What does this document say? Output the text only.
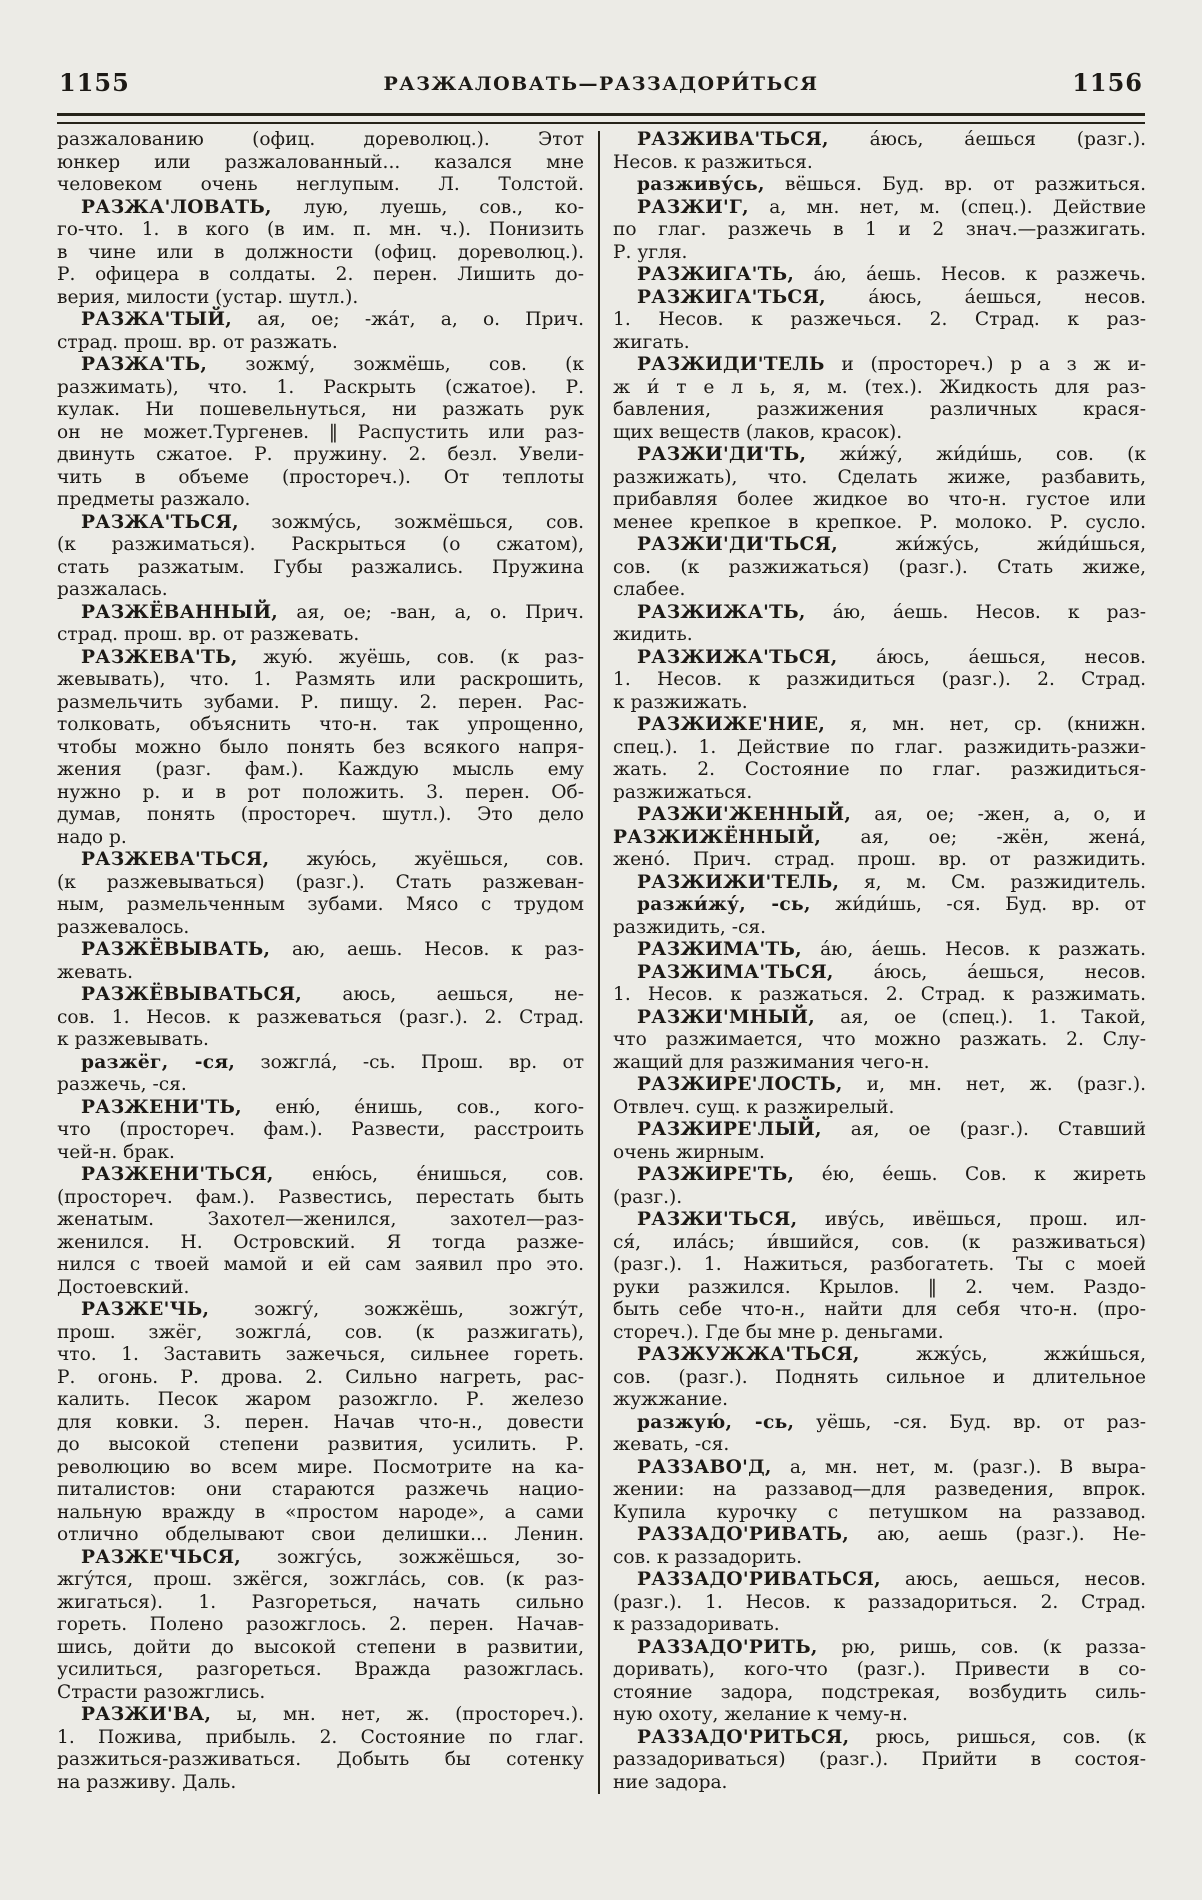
1155	РАЗЖАЛОВАТЬ—РАЗЗАДОРИ́ТЬСЯ	1156
разжалованию (офиц. дореволюц.). Этот
юнкер или разжалованный... казался мне
человеком очень неглупым. Л. Толстой.
РАЗЖА'ЛОВАТЬ, лую, луешь, сов., ко-
го-что. 1. в кого (в им. п. мн. ч.). Понизить
в чине или в должности (офиц. дореволюц.).
Р. офицера в солдаты. 2. перен. Лишить до-
верия, милости (устар. шутл.).
РАЗЖА'ТЫЙ, ая, ое; -жа́т, а, о. Прич.
страд. прош. вр. от разжать.
РАЗЖА'ТЬ, зожму́, зожмёшь, сов. (к
разжимать), что. 1. Раскрыть (сжатое). Р.
кулак. Ни пошевельнуться, ни разжать рук
он не может.Тургенев. ‖ Распустить или раз-
двинуть сжатое. Р. пружину. 2. безл. Увели-
чить в объеме (простореч.). От теплоты
предметы разжало.
РАЗЖА'ТЬСЯ, зожму́сь, зожмёшься, сов.
(к разжиматься). Раскрыться (о сжатом),
стать разжатым. Губы разжались. Пружина
разжалась.
РАЗЖЁВАННЫЙ, ая, ое; -ван, а, о. Прич.
страд. прош. вр. от разжевать.
РАЗЖЕВА'ТЬ, жую́. жуёшь, сов. (к раз-
жевывать), что. 1. Размять или раскрошить,
размельчить зубами. Р. пищу. 2. перен. Рас-
толковать, объяснить что-н. так упрощенно,
чтобы можно было понять без всякого напря-
жения (разг. фам.). Каждую мысль ему
нужно р. и в рот положить. 3. перен. Об-
думав, понять (простореч. шутл.). Это дело
надо р.
РАЗЖЕВА'ТЬСЯ, жую́сь, жуёшься, сов.
(к разжевываться) (разг.). Стать разжеван-
ным, размельченным зубами. Мясо с трудом
разжевалось.
РАЗЖЁВЫВАТЬ, аю, аешь. Несов. к раз-
жевать.
РАЗЖЁВЫВАТЬСЯ, аюсь, аешься, не-
сов. 1. Несов. к разжеваться (разг.). 2. Страд.
к разжевывать.
разжёг, -ся, зожгла́, -сь. Прош. вр. от
разжечь, -ся.
РАЗЖЕНИ'ТЬ, еню́, е́нишь, сов., кого-
что (простореч. фам.). Развести, расстроить
чей-н. брак.
РАЗЖЕНИ'ТЬСЯ, еню́сь, е́нишься, сов.
(простореч. фам.). Развестись, перестать быть
женатым. Захотел—женился, захотел—раз-
женился. Н. Островский. Я тогда разже-
нился с твоей мамой и ей сам заявил про это.
Достоевский.
РАЗЖЕ'ЧЬ, зожгу́, зожжёшь, зожгу́т,
прош. зжёг, зожгла́, сов. (к разжигать),
что. 1. Заставить зажечься, сильнее гореть.
Р. огонь. Р. дрова. 2. Сильно нагреть, рас-
калить. Песок жаром разожгло. Р. железо
для ковки. 3. перен. Начав что-н., довести
до высокой степени развития, усилить. Р.
революцию во всем мире. Посмотрите на ка-
питалистов: они стараются разжечь нацио-
нальную вражду в «простом народе», а сами
отлично обделывают свои делишки... Ленин.
РАЗЖЕ'ЧЬСЯ, зожгу́сь, зожжёшься, зо-
жгу́тся, прош. зжёгся, зожгла́сь, сов. (к раз-
жигаться). 1. Разгореться, начать сильно
гореть. Полено разожглось. 2. перен. Начав-
шись, дойти до высокой степени в развитии,
усилиться, разгореться. Вражда разожглась.
Страсти разожглись.
РАЗЖИ'ВА, ы, мн. нет, ж. (простореч.).
1. Пожива, прибыль. 2. Состояние по глаг.
разжиться-разживаться. Добыть бы сотенку
на разживу. Даль.
РАЗЖИВА'ТЬСЯ, а́юсь, а́ешься (разг.).
Несов. к разжиться.
разживу́сь, вёшься. Буд. вр. от разжиться.
РАЗЖИ'Г, а, мн. нет, м. (спец.). Действие
по глаг. разжечь в 1 и 2 знач.—разжигать.
Р. угля.
РАЗЖИГА'ТЬ, а́ю, а́ешь. Несов. к разжечь.
РАЗЖИГА'ТЬСЯ, а́юсь, а́ешься, несов.
1. Несов. к разжечься. 2. Страд. к раз-
жигать.
РАЗЖИДИ'ТЕЛЬ и (простореч.) р а з ж и-
ж и́ т е л ь, я, м. (тех.). Жидкость для раз-
бавления, разжижения различных крася-
щих веществ (лаков, красок).
РАЗЖИ'ДИ'ТЬ, жи́жу́, жи́ди́шь, сов. (к
разжижать), что. Сделать жиже, разбавить,
прибавляя более жидкое во что-н. густое или
менее крепкое в крепкое. Р. молоко. Р. сусло.
РАЗЖИ'ДИ'ТЬСЯ, жи́жу́сь, жи́ди́шься,
сов. (к разжижаться) (разг.). Стать жиже,
слабее.
РАЗЖИЖА'ТЬ, а́ю, а́ешь. Несов. к раз-
жидить.
РАЗЖИЖА'ТЬСЯ, а́юсь, а́ешься, несов.
1. Несов. к разжидиться (разг.). 2. Страд.
к разжижать.
РАЗЖИЖЕ'НИЕ, я, мн. нет, ср. (книжн.
спец.). 1. Действие по глаг. разжидить-разжи-
жать. 2. Состояние по глаг. разжидиться-
разжижаться.
РАЗЖИ'ЖЕННЫЙ, ая, ое; -жен, а, о, и
РАЗЖИЖЁННЫЙ, ая, ое; -жён, жена́,
жено́. Прич. страд. прош. вр. от разжидить.
РАЗЖИЖИ'ТЕЛЬ, я, м. См. разжидитель.
разжи́жу́, -сь, жи́ди́шь, -ся. Буд. вр. от
разжидить, -ся.
РАЗЖИМА'ТЬ, а́ю, а́ешь. Несов. к разжать.
РАЗЖИМА'ТЬСЯ, а́юсь, а́ешься, несов.
1. Несов. к разжаться. 2. Страд. к разжимать.
РАЗЖИ'МНЫЙ, ая, ое (спец.). 1. Такой,
что разжимается, что можно разжать. 2. Слу-
жащий для разжимания чего-н.
РАЗЖИРЕ'ЛОСТЬ, и, мн. нет, ж. (разг.).
Отвлеч. сущ. к разжирелый.
РАЗЖИРЕ'ЛЫЙ, ая, ое (разг.). Ставший
очень жирным.
РАЗЖИРЕ'ТЬ, е́ю, е́ешь. Сов. к жиреть
(разг.).
РАЗЖИ'ТЬСЯ, иву́сь, ивёшься, прош. ил-
ся́, ила́сь; и́вшийся, сов. (к разживаться)
(разг.). 1. Нажиться, разбогатеть. Ты с моей
руки разжился. Крылов. ‖ 2. чем. Раздо-
быть себе что-н., найти для себя что-н. (про-
стореч.). Где бы мне р. деньгами.
РАЗЖУЖЖА'ТЬСЯ, жжу́сь, жжи́шься,
сов. (разг.). Поднять сильное и длительное
жужжание.
разжую́, -сь, уёшь, -ся. Буд. вр. от раз-
жевать, -ся.
РАЗЗАВО'Д, а, мн. нет, м. (разг.). В выра-
жении: на раззавод—для разведения, впрок.
Купила курочку с петушком на раззавод.
РАЗЗАДО'РИВАТЬ, аю, аешь (разг.). Не-
сов. к раззадорить.
РАЗЗАДО'РИВАТЬСЯ, аюсь, аешься, несов.
(разг.). 1. Несов. к раззадориться. 2. Страд.
к раззадоривать.
РАЗЗАДО'РИТЬ, рю, ришь, сов. (к разза-
доривать), кого-что (разг.). Привести в со-
стояние задора, подстрекая, возбудить силь-
ную охоту, желание к чему-н.
РАЗЗАДО'РИТЬСЯ, рюсь, ришься, сов. (к
раззадориваться) (разг.). Прийти в состоя-
ние задора.
